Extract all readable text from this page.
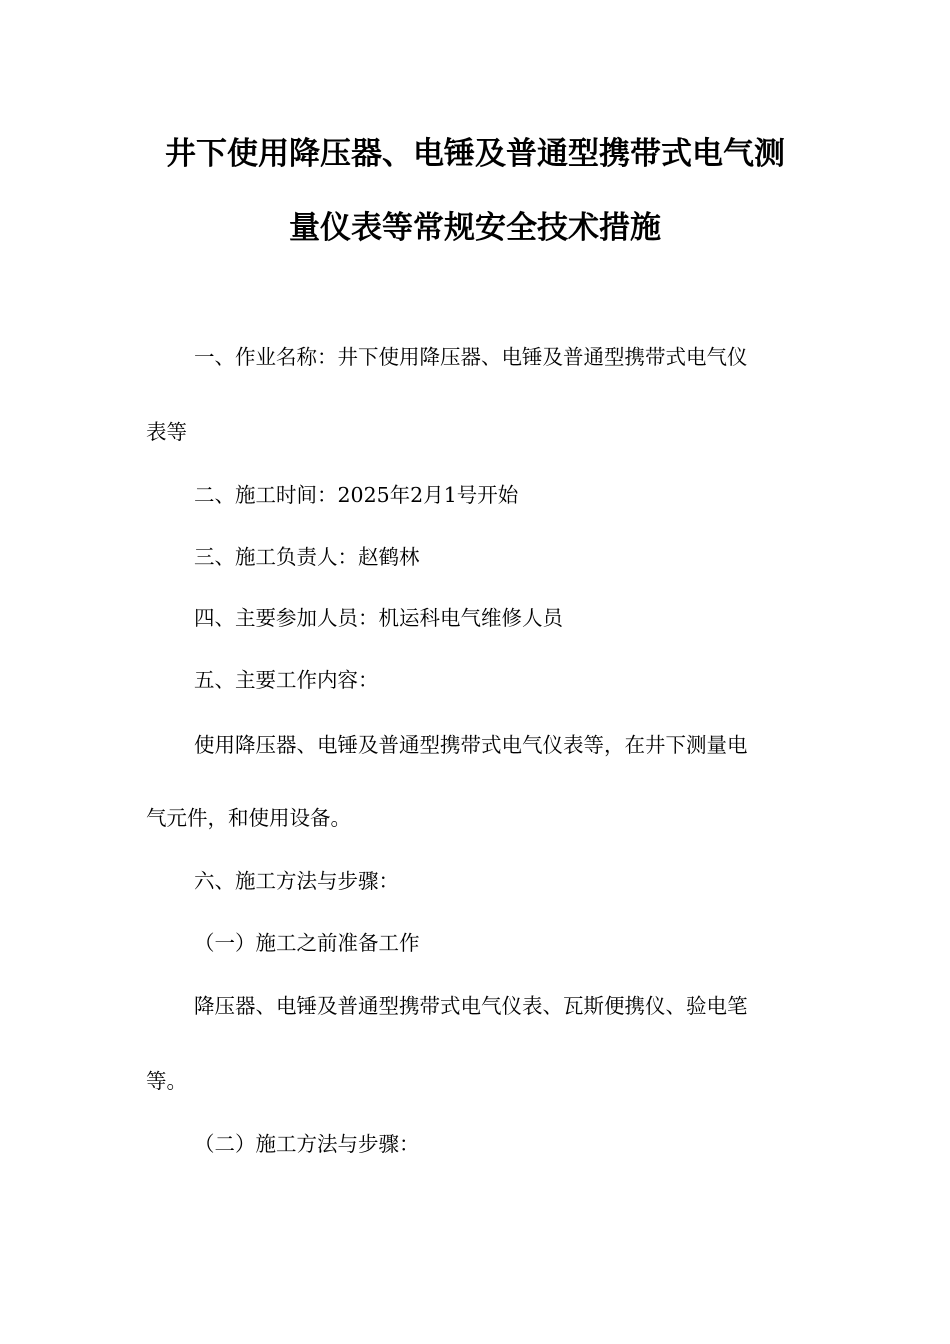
井下使用降压器、电锤及普通型携带式电气测
量仪表等常规安全技术措施
一、作业名称：井下使用降压器、电锤及普通型携带式电气仪
表等
二、施工时间：2025年2月1号开始
三、施工负责人：赵鹤林
四、主要参加人员：机运科电气维修人员
五、主要工作内容：
使用降压器、电锤及普通型携带式电气仪表等，在井下测量电
气元件，和使用设备。
六、施工方法与步骤：
（一）施工之前准备工作
降压器、电锤及普通型携带式电气仪表、瓦斯便携仪、验电笔
等。
（二）施工方法与步骤：
